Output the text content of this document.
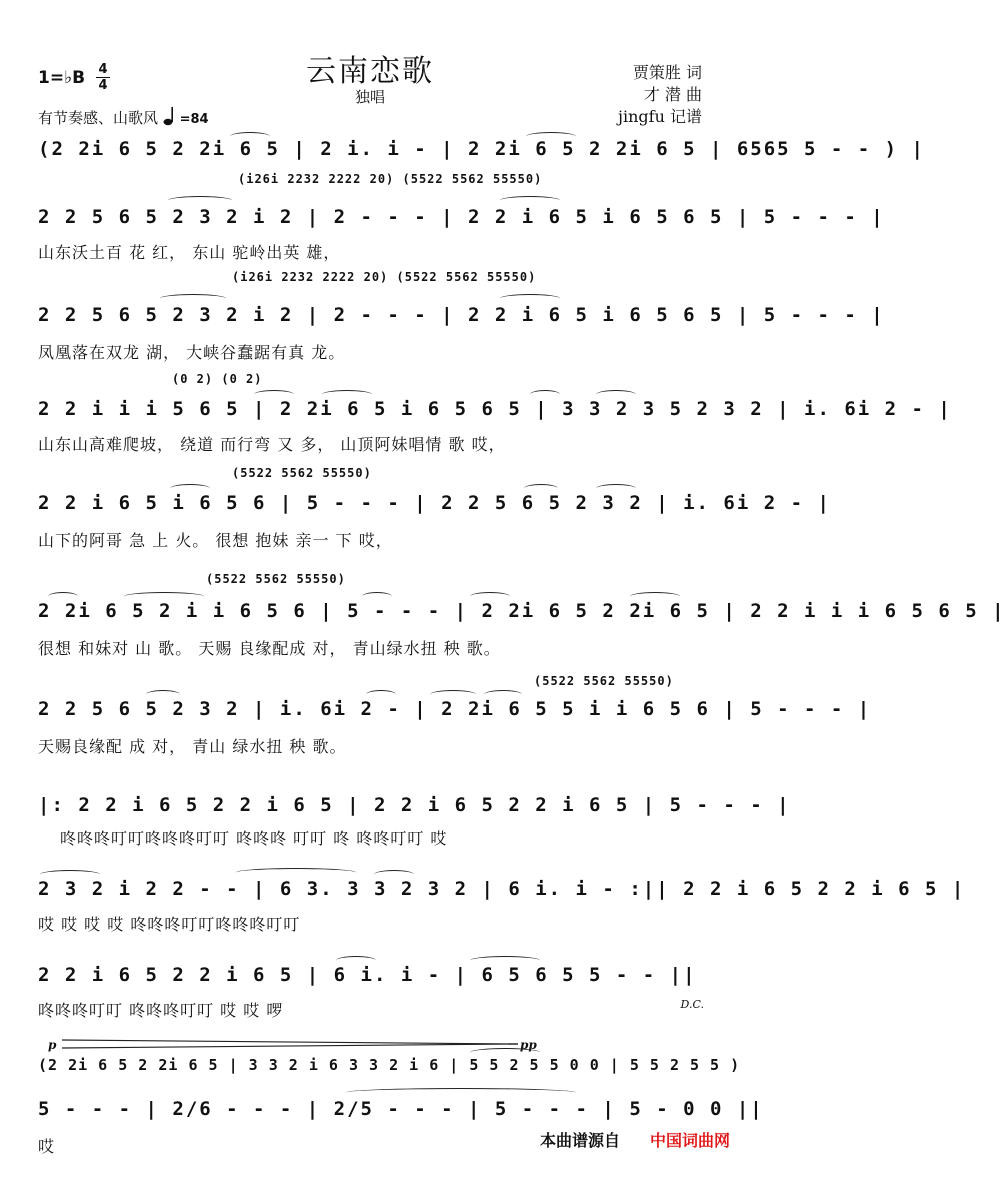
云南恋歌
独唱
贾策胜 词
才 潜 曲
jingfu 记谱
1=♭B $\frac{4}{4}$
有节奏感、山歌风 =84
(2 2i 6 5 2 2i 6 5 | 2 i. i - | 2 2i 6 5 2 2i 6 5 | 6565 5 - - ) |
(i26i 2232 2222 20) (5522 5562 55550)
2 2 5 6 5 2 3 2 i 2 | 2 - - - | 2 2 i 6 5 i 6 5 6 5 | 5 - - - |
山东沃土百 花 红， 东山 驼岭出英 雄，
(i26i 2232 2222 20) (5522 5562 55550)
2 2 5 6 5 2 3 2 i 2 | 2 - - - | 2 2 i 6 5 i 6 5 6 5 | 5 - - - |
凤凰落在双龙 湖， 大峡谷蠢踞有真 龙。
(0 2) (0 2)
2 2 i i i 5 6 5 | 2 2i 6 5 i 6 5 6 5 | 3 3 2 3 5 2 3 2 | i. 6i 2 - |
山东山高难爬坡， 绕道 而行弯 又 多， 山顶阿妹唱情 歌 哎，
(5522 5562 55550)
2 2 i 6 5 i 6 5 6 | 5 - - - | 2 2 5 6 5 2 3 2 | i. 6i 2 - |
山下的阿哥 急 上 火。 很想 抱妹 亲一 下 哎，
(5522 5562 55550)
2 2i 6 5 2 i i 6 5 6 | 5 - - - | 2 2i 6 5 2 2i 6 5 | 2 2 i i i 6 5 6 5 |
很想 和妹对 山 歌。 天赐 良缘配成 对， 青山绿水扭 秧 歌。
(5522 5562 55550)
2 2 5 6 5 2 3 2 | i. 6i 2 - | 2 2i 6 5 5 i i 6 5 6 | 5 - - - |
天赐良缘配 成 对， 青山 绿水扭 秧 歌。
|: 2 2 i 6 5 2 2 i 6 5 | 2 2 i 6 5 2 2 i 6 5 | 5 - - - |
咚咚咚叮叮咚咚咚叮叮 咚咚咚 叮叮 咚 咚咚叮叮 哎
2 3 2 i 2 2 - - | 6 3. 3 3 2 3 2 | 6 i. i - :|| 2 2 i 6 5 2 2 i 6 5 |
哎 哎 哎 哎 咚咚咚叮叮咚咚咚叮叮
2 2 i 6 5 2 2 i 6 5 | 6 i. i - | 6 5 6 5 5 - - ||
咚咚咚叮叮 咚咚咚叮叮 哎 哎 啰	D.C.
p	pp
(2 2i 6 5 2 2i 6 5 | 3 3 2 i 6 3 3 2 i 6 | 5 5 2 5 5 0 0 | 5 5 2 5 5 )
5 - - - | 2/6 - - - | 2/5 - - - | 5 - - - | 5 - 0 0 ||
哎	本曲谱源自 中国词曲网
